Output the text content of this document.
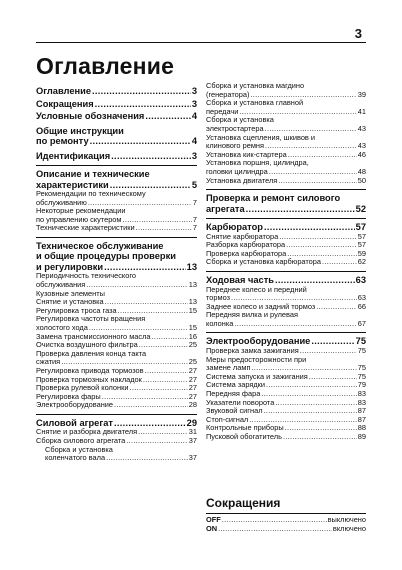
3
Оглавление
Оглавление .....	3
Сокращения .....	3
Условные обозначения .....	4
Общие инструкции
по ремонту .....	4
Идентификация .....	3
Описание и технические
характеристики .....	5
Рекомендации по техническому
обслуживанию .....	7
Некоторые рекомендации
по управлению скутером .....	7
Технические характеристики .....	7
Техническое обслуживание
и общие процедуры проверки
и регулировки .....	13
Периодичность технического
обслуживания .....	13
Кузовные элементы
Снятие и установка .....	13
Регулировка троса газа .....	15
Регулировка частоты вращения
холостого хода .....	15
Замена трансмиссионного масла .....	16
Очистка воздушного фильтра .....	25
Проверка давления конца такта
сжатия .....	25
Регулировка привода тормозов .....	27
Проверка тормозных накладок .....	27
Проверка рулевой колонки .....	27
Регулировка фары .....	27
Электрооборудование .....	28
Силовой агрегат .....	29
Снятие и разборка двигателя .....	31
Сборка силового агрегата .....	37
Сборка и установка
коленчатого вала .....	37
Сборка и установка магдино
(генератора) .....	39
Сборка и установка главной
передачи .....	41
Сборка и установка
электростартера .....	43
Установка сцепления, шкивов и
клинового ремня .....	43
Установка кик-стартера .....	46
Установка поршня, цилиндра,
головки цилиндра .....	48
Установка двигателя .....	50
Проверка и ремонт силового
агрегата .....	52
Карбюратор .....	57
Снятие карбюратора .....	57
Разборка карбюратора .....	57
Проверка карбюратора .....	59
Сборка и установка карбюратора .....	62
Ходовая часть .....	63
Переднее колесо и передний
тормоз .....	63
Заднее колесо и задний тормоз .....	66
Передняя вилка и рулевая
колонка .....	67
Электрооборудование .....	75
Проверка замка зажигания .....	75
Меры предосторожности при
замене ламп .....	75
Система запуска и зажигания .....	75
Система зарядки .....	79
Передняя фара .....	83
Указатели поворота .....	83
Звуковой сигнал .....	87
Стоп-сигнал .....	87
Контрольные приборы .....	88
Пусковой обогатитель .....	89
Сокращения
OFF .....	выключено
ON .....	включено
